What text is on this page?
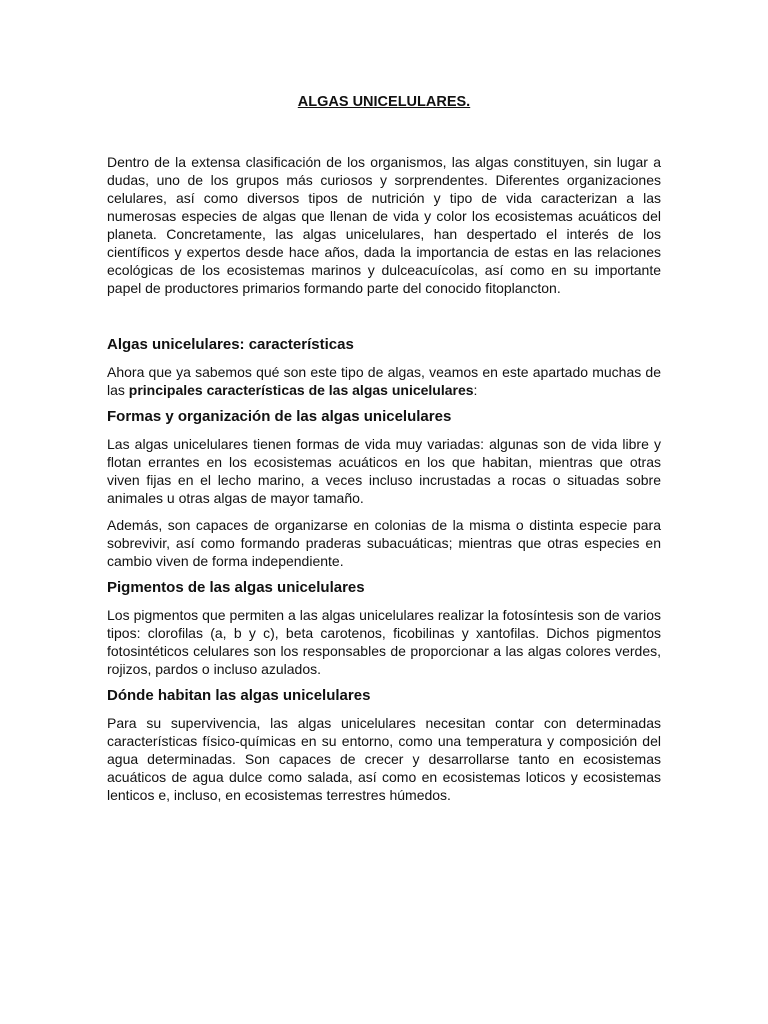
ALGAS UNICELULARES.

Dentro de la extensa clasificación de los organismos, las algas constituyen, sin lugar a dudas, uno de los grupos más curiosos y sorprendentes. Diferentes organizaciones celulares, así como diversos tipos de nutrición y tipo de vida caracterizan a las numerosas especies de algas que llenan de vida y color los ecosistemas acuáticos del planeta. Concretamente, las algas unicelulares, han despertado el interés de los científicos y expertos desde hace años, dada la importancia de estas en las relaciones ecológicas de los ecosistemas marinos y dulceacuícolas, así como en su importante papel de productores primarios formando parte del conocido fitoplancton.

Algas unicelulares: características

Ahora que ya sabemos qué son este tipo de algas, veamos en este apartado muchas de las principales características de las algas unicelulares:

Formas y organización de las algas unicelulares

Las algas unicelulares tienen formas de vida muy variadas: algunas son de vida libre y flotan errantes en los ecosistemas acuáticos en los que habitan, mientras que otras viven fijas en el lecho marino, a veces incluso incrustadas a rocas o situadas sobre animales u otras algas de mayor tamaño.

Además, son capaces de organizarse en colonias de la misma o distinta especie para sobrevivir, así como formando praderas subacuáticas; mientras que otras especies en cambio viven de forma independiente.

Pigmentos de las algas unicelulares

Los pigmentos que permiten a las algas unicelulares realizar la fotosíntesis son de varios tipos: clorofilas (a, b y c), beta carotenos, ficobilinas y xantofilas. Dichos pigmentos fotosintéticos celulares son los responsables de proporcionar a las algas colores verdes, rojizos, pardos o incluso azulados.

Dónde habitan las algas unicelulares

Para su supervivencia, las algas unicelulares necesitan contar con determinadas características físico-químicas en su entorno, como una temperatura y composición del agua determinadas. Son capaces de crecer y desarrollarse tanto en ecosistemas acuáticos de agua dulce como salada, así como en ecosistemas loticos y ecosistemas lenticos e, incluso, en ecosistemas terrestres húmedos.
